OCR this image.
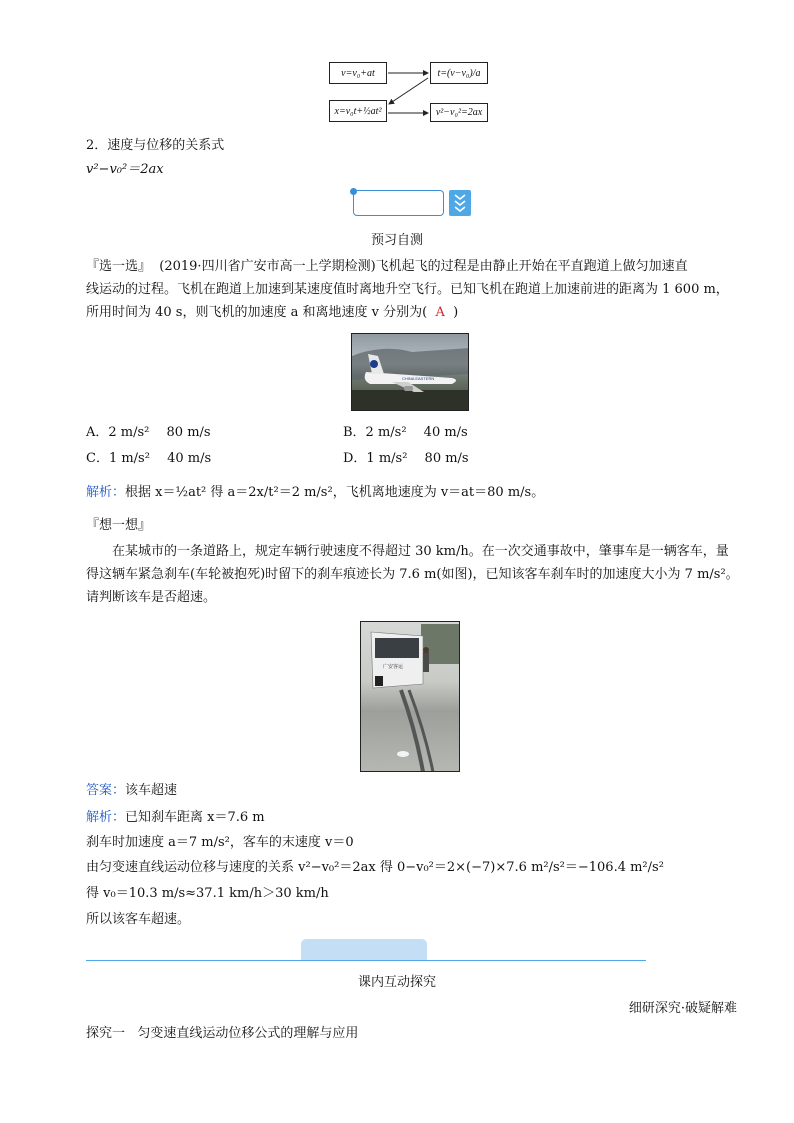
v=v₀+at	t=(v−v₀)/a
x=v₀t+½at²	v²−v₀²=2ax
2．速度与位移的关系式
v²−v₀²＝2ax
预习自测
『选一选』 (2019·四川省广安市高一上学期检测)飞机起飞的过程是由静止开始在平直跑道上做匀加速直
线运动的过程。飞机在跑道上加速到某速度值时离地升空飞行。已知飞机在跑道上加速前进的距离为 1 600 m，
所用时间为 40 s，则飞机的加速度 a 和离地速度 v 分别为( A )
CHINA EASTERN
A．2 m/s²　 80 m/s	B．2 m/s²　 40 m/s
C．1 m/s²　 40 m/s	D．1 m/s²　 80 m/s
解析：根据 x＝½at² 得 a＝2x/t²＝2 m/s²，飞机离地速度为 v＝at＝80 m/s。
『想一想』
在某城市的一条道路上，规定车辆行驶速度不得超过 30 km/h。在一次交通事故中，肇事车是一辆客车，量
得这辆车紧急刹车(车轮被抱死)时留下的刹车痕迹长为 7.6 m(如图)，已知该客车刹车时的加速度大小为 7 m/s²。
请判断该车是否超速。
广安客运
答案：该车超速
解析：已知刹车距离 x＝7.6 m
刹车时加速度 a＝7 m/s²，客车的末速度 v＝0
由匀变速直线运动位移与速度的关系 v²−v₀²＝2ax 得 0−v₀²＝2×(−7)×7.6 m²/s²＝−106.4 m²/s²
得 v₀＝10.3 m/s≈37.1 km/h＞30 km/h
所以该客车超速。
课内互动探究
细研深究·破疑解难
探究一 匀变速直线运动位移公式的理解与应用
